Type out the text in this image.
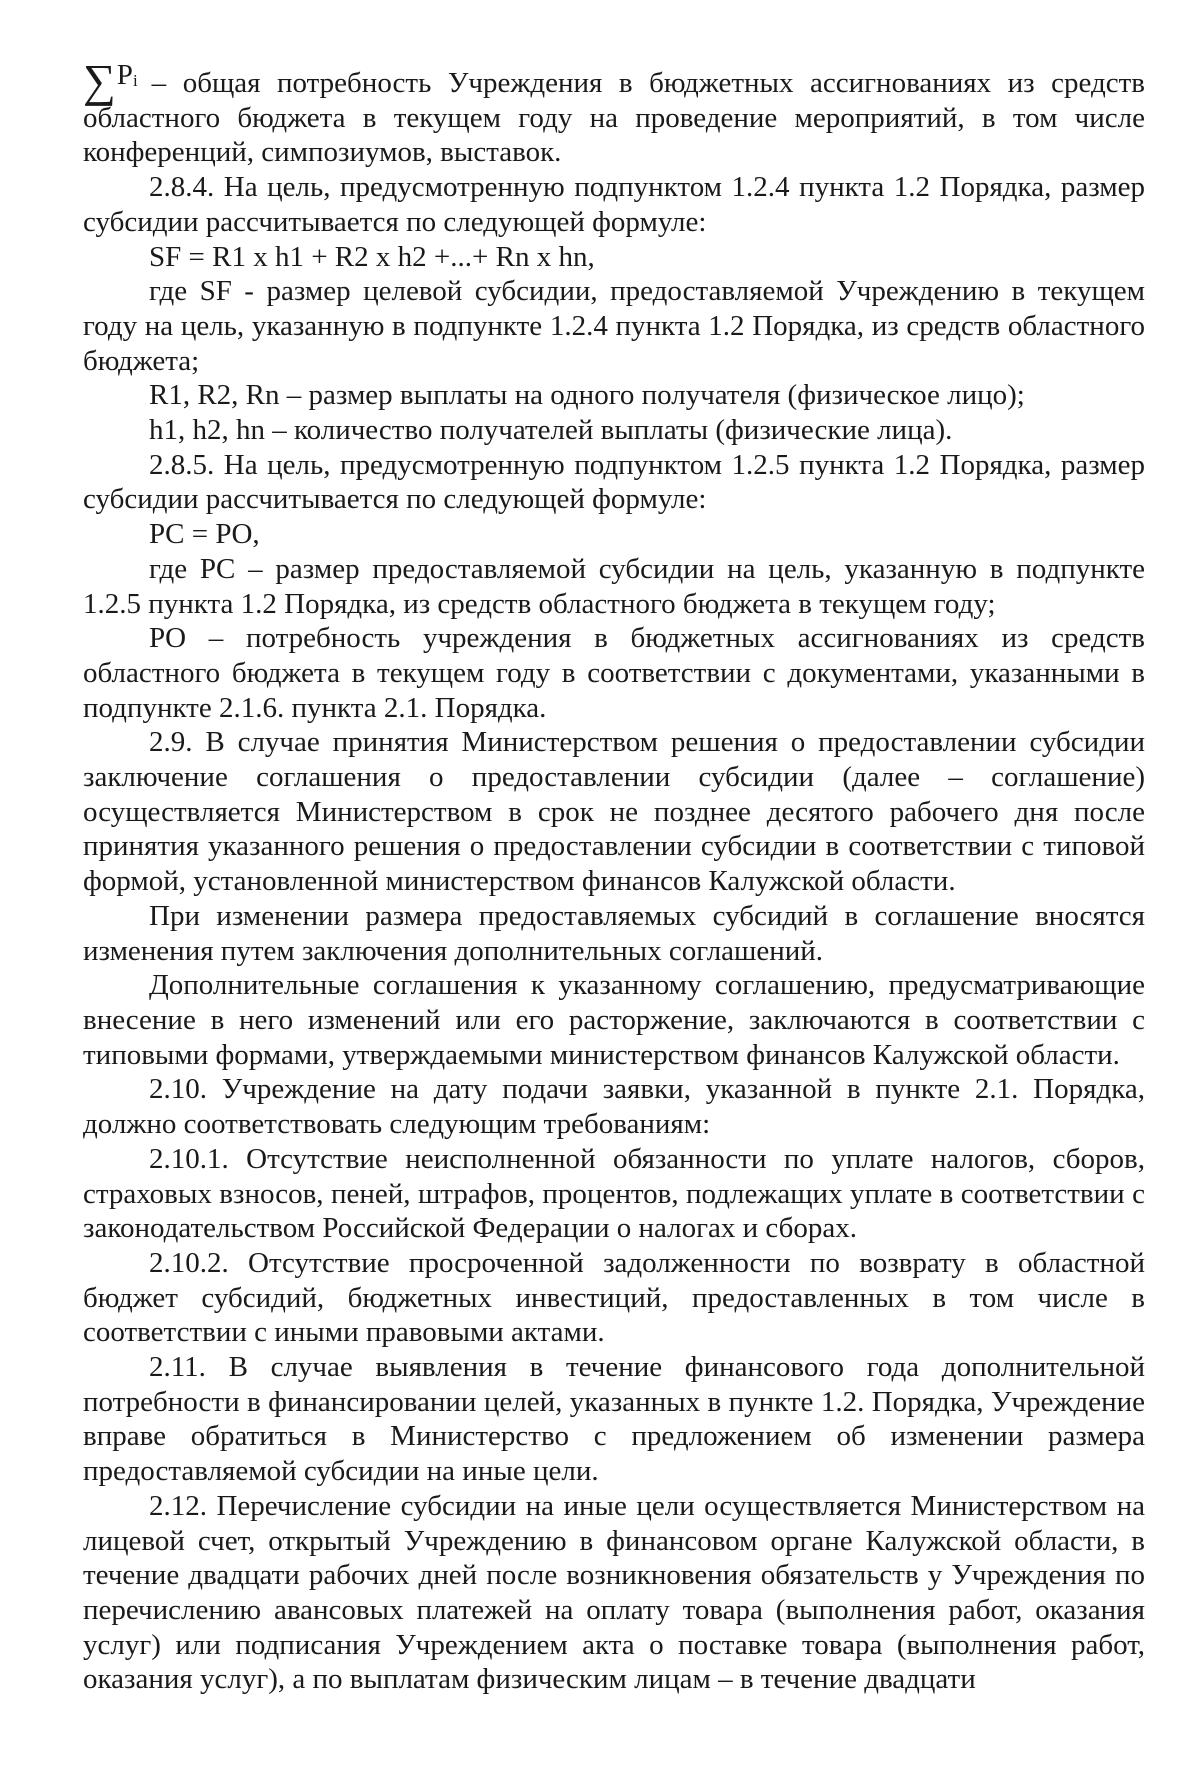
$\sum P_i$ – общая потребность Учреждения в бюджетных ассигнованиях из средств областного бюджета в текущем году на проведение мероприятий, в том числе конференций, симпозиумов, выставок.

2.8.4. На цель, предусмотренную подпунктом 1.2.4 пункта 1.2 Порядка, размер субсидии рассчитывается по следующей формуле:

SF = R1 x h1 + R2 x h2 +...+ Rn x hn,

где SF - размер целевой субсидии, предоставляемой Учреждению в текущем году на цель, указанную в подпункте 1.2.4 пункта 1.2 Порядка, из средств областного бюджета;

R1, R2, Rn – размер выплаты на одного получателя (физическое лицо);

h1, h2, hn – количество получателей выплаты (физические лица).

2.8.5. На цель, предусмотренную подпунктом 1.2.5 пункта 1.2 Порядка, размер субсидии рассчитывается по следующей формуле:

PC = PO,

где PC – размер предоставляемой субсидии на цель, указанную в подпункте 1.2.5 пункта 1.2 Порядка, из средств областного бюджета в текущем году;

PO – потребность учреждения в бюджетных ассигнованиях из средств областного бюджета в текущем году в соответствии с документами, указанными в подпункте 2.1.6. пункта 2.1. Порядка.

2.9. В случае принятия Министерством решения о предоставлении субсидии заключение соглашения о предоставлении субсидии (далее – соглашение) осуществляется Министерством в срок не позднее десятого рабочего дня после принятия указанного решения о предоставлении субсидии в соответствии с типовой формой, установленной министерством финансов Калужской области.

При изменении размера предоставляемых субсидий в соглашение вносятся изменения путем заключения дополнительных соглашений.

Дополнительные соглашения к указанному соглашению, предусматривающие внесение в него изменений или его расторжение, заключаются в соответствии с типовыми формами, утверждаемыми министерством финансов Калужской области.

2.10. Учреждение на дату подачи заявки, указанной в пункте 2.1. Порядка, должно соответствовать следующим требованиям:

2.10.1. Отсутствие неисполненной обязанности по уплате налогов, сборов, страховых взносов, пеней, штрафов, процентов, подлежащих уплате в соответствии с законодательством Российской Федерации о налогах и сборах.

2.10.2. Отсутствие просроченной задолженности по возврату в областной бюджет субсидий, бюджетных инвестиций, предоставленных в том числе в соответствии с иными правовыми актами.

2.11. В случае выявления в течение финансового года дополнительной потребности в финансировании целей, указанных в пункте 1.2. Порядка, Учреждение вправе обратиться в Министерство с предложением об изменении размера предоставляемой субсидии на иные цели.

2.12. Перечисление субсидии на иные цели осуществляется Министерством на лицевой счет, открытый Учреждению в финансовом органе Калужской области, в течение двадцати рабочих дней после возникновения обязательств у Учреждения по перечислению авансовых платежей на оплату товара (выполнения работ, оказания услуг) или подписания Учреждением акта о поставке товара (выполнения работ, оказания услуг), а по выплатам физическим лицам – в течение двадцати
